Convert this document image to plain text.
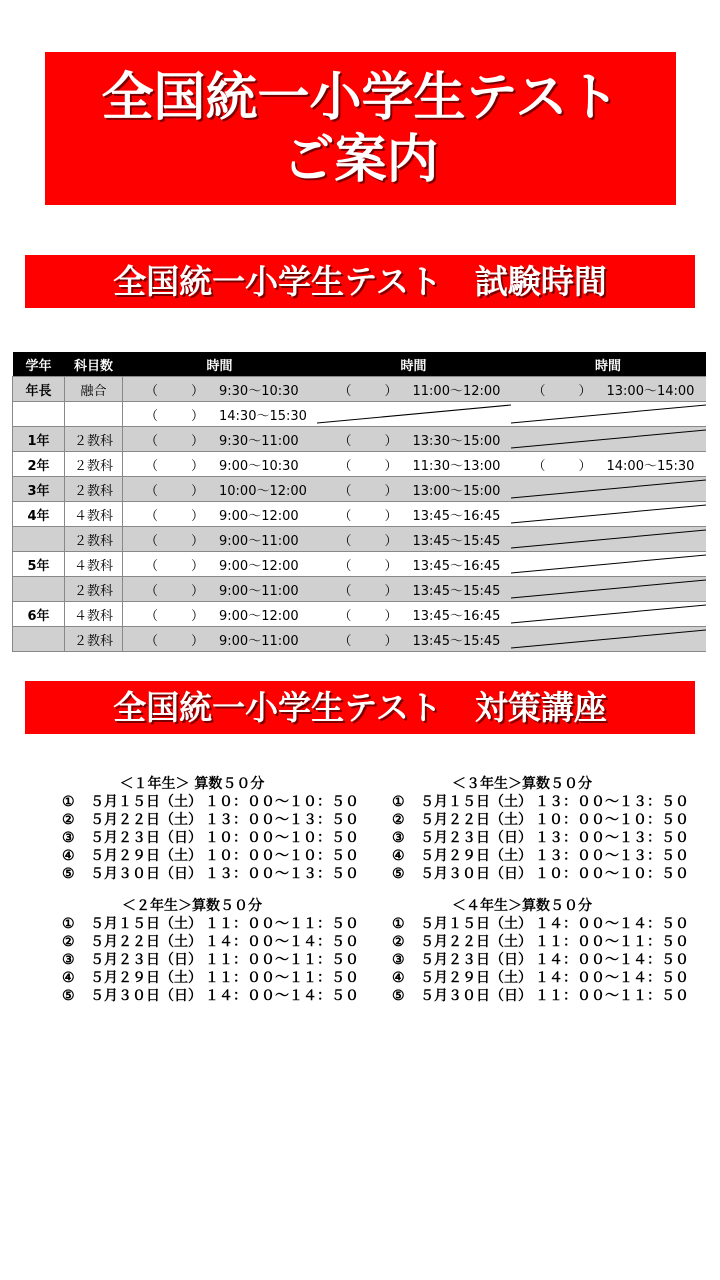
全国統一小学生テスト
ご案内
全国統一小学生テスト　試験時間
学年	科目数	時間	時間	時間
年長	融合	（ ） 9:30～10:30	（ ） 11:00～12:00	（ ） 13:00～14:00

		（ ） 14:30～15:30

1年	２教科	（ ） 9:30～11:00	（ ） 13:30～15:00

2年	２教科	（ ） 9:00～10:30	（ ） 11:30～13:00	（ ） 14:00～15:30

3年	２教科	（ ） 10:00～12:00	（ ） 13:00～15:00

4年	４教科	（ ） 9:00～12:00	（ ） 13:45～16:45

	２教科	（ ） 9:00～11:00	（ ） 13:45～15:45

5年	４教科	（ ） 9:00～12:00	（ ） 13:45～16:45

	２教科	（ ） 9:00～11:00	（ ） 13:45～15:45

6年	４教科	（ ） 9:00～12:00	（ ） 13:45～16:45

	２教科	（ ） 9:00～11:00	（ ） 13:45～15:45

全国統一小学生テスト　対策講座
＜１年生＞ 算数５０分
① ５月１５日（土） １０：００～１０：５０
② ５月２２日（土） １３：００～１３：５０
③ ５月２３日（日） １０：００～１０：５０
④ ５月２９日（土） １０：００～１０：５０
⑤ ５月３０日（日） １３：００～１３：５０
＜２年生＞算数５０分
① ５月１５日（土） １１：００～１１：５０
② ５月２２日（土） １４：００～１４：５０
③ ５月２３日（日） １１：００～１１：５０
④ ５月２９日（土） １１：００～１１：５０
⑤ ５月３０日（日） １４：００～１４：５０
＜３年生＞算数５０分
① ５月１５日（土） １３：００～１３：５０
② ５月２２日（土） １０：００～１０：５０
③ ５月２３日（日） １３：００～１３：５０
④ ５月２９日（土） １３：００～１３：５０
⑤ ５月３０日（日） １０：００～１０：５０
＜４年生＞算数５０分
① ５月１５日（土） １４：００～１４：５０
② ５月２２日（土） １１：００～１１：５０
③ ５月２３日（日） １４：００～１４：５０
④ ５月２９日（土） １４：００～１４：５０
⑤ ５月３０日（日） １１：００～１１：５０
